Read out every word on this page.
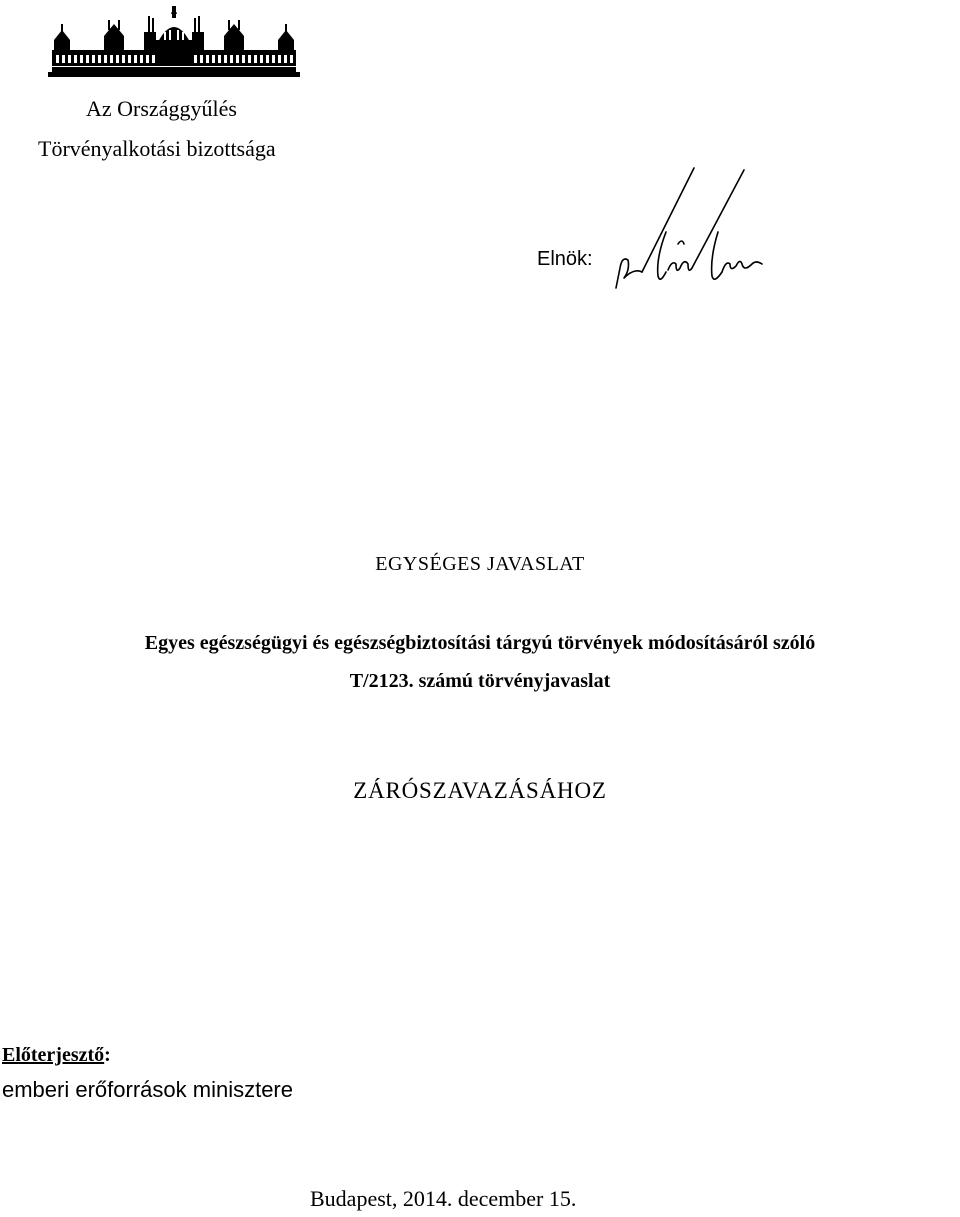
Az Országgyűlés
Törvényalkotási bizottsága
Elnök:
EGYSÉGES JAVASLAT
Egyes egészségügyi és egészségbiztosítási tárgyú törvények módosításáról szóló
T/2123. számú törvényjavaslat
ZÁRÓSZAVAZÁSÁHOZ
Előterjesztő:
emberi erőforrások minisztere
Budapest, 2014. december 15.
